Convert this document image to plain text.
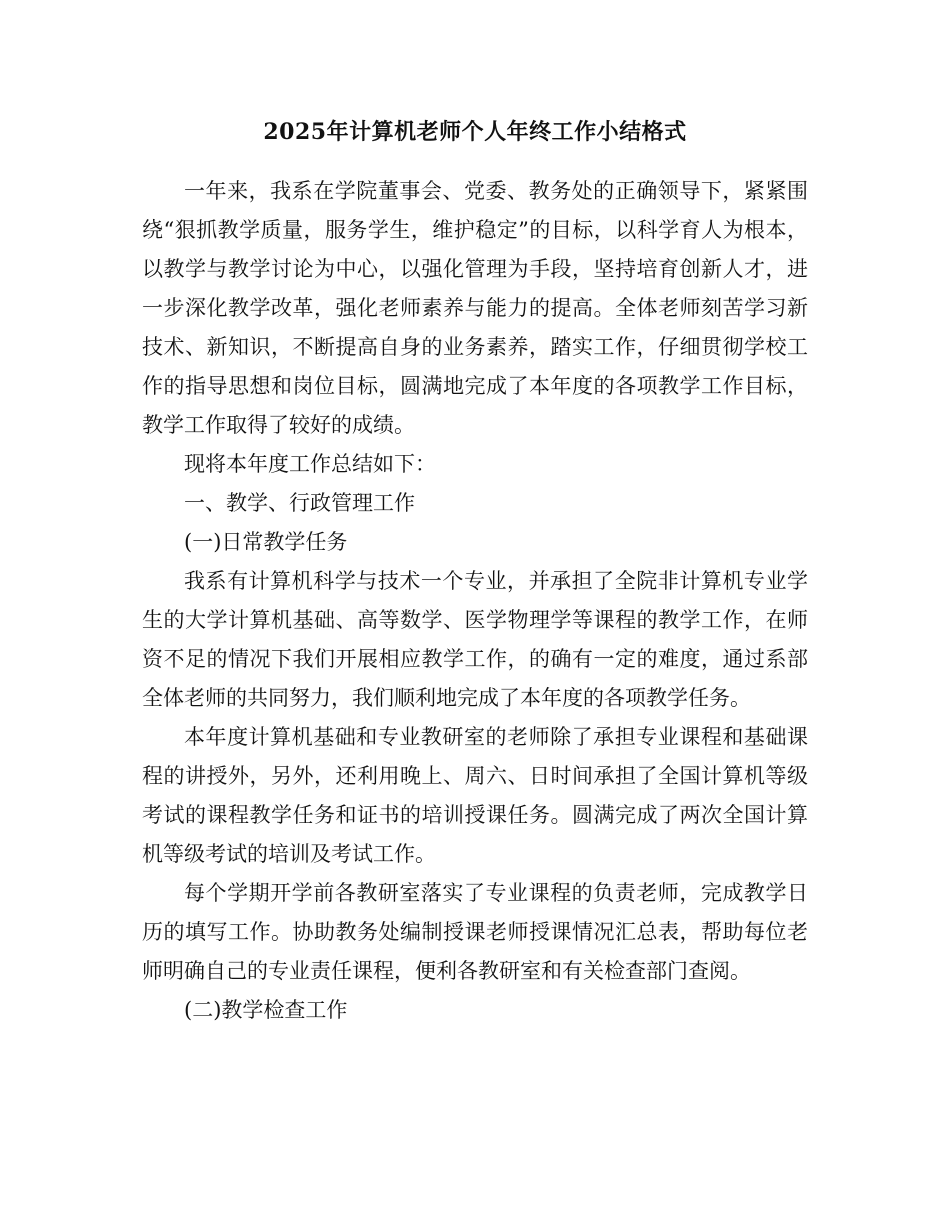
2025年计算机老师个人年终工作小结格式

一年来，我系在学院董事会、党委、教务处的正确领导下，紧紧围绕“狠抓教学质量，服务学生，维护稳定”的目标，以科学育人为根本，以教学与教学讨论为中心，以强化管理为手段，坚持培育创新人才，进一步深化教学改革，强化老师素养与能力的提高。全体老师刻苦学习新技术、新知识，不断提高自身的业务素养，踏实工作，仔细贯彻学校工作的指导思想和岗位目标，圆满地完成了本年度的各项教学工作目标，教学工作取得了较好的成绩。

现将本年度工作总结如下：

一、教学、行政管理工作

(一)日常教学任务

我系有计算机科学与技术一个专业，并承担了全院非计算机专业学生的大学计算机基础、高等数学、医学物理学等课程的教学工作，在师资不足的情况下我们开展相应教学工作，的确有一定的难度，通过系部全体老师的共同努力，我们顺利地完成了本年度的各项教学任务。

本年度计算机基础和专业教研室的老师除了承担专业课程和基础课程的讲授外，另外，还利用晚上、周六、日时间承担了全国计算机等级考试的课程教学任务和证书的培训授课任务。圆满完成了两次全国计算机等级考试的培训及考试工作。

每个学期开学前各教研室落实了专业课程的负责老师，完成教学日历的填写工作。协助教务处编制授课老师授课情况汇总表，帮助每位老师明确自己的专业责任课程，便利各教研室和有关检查部门查阅。

(二)教学检查工作
